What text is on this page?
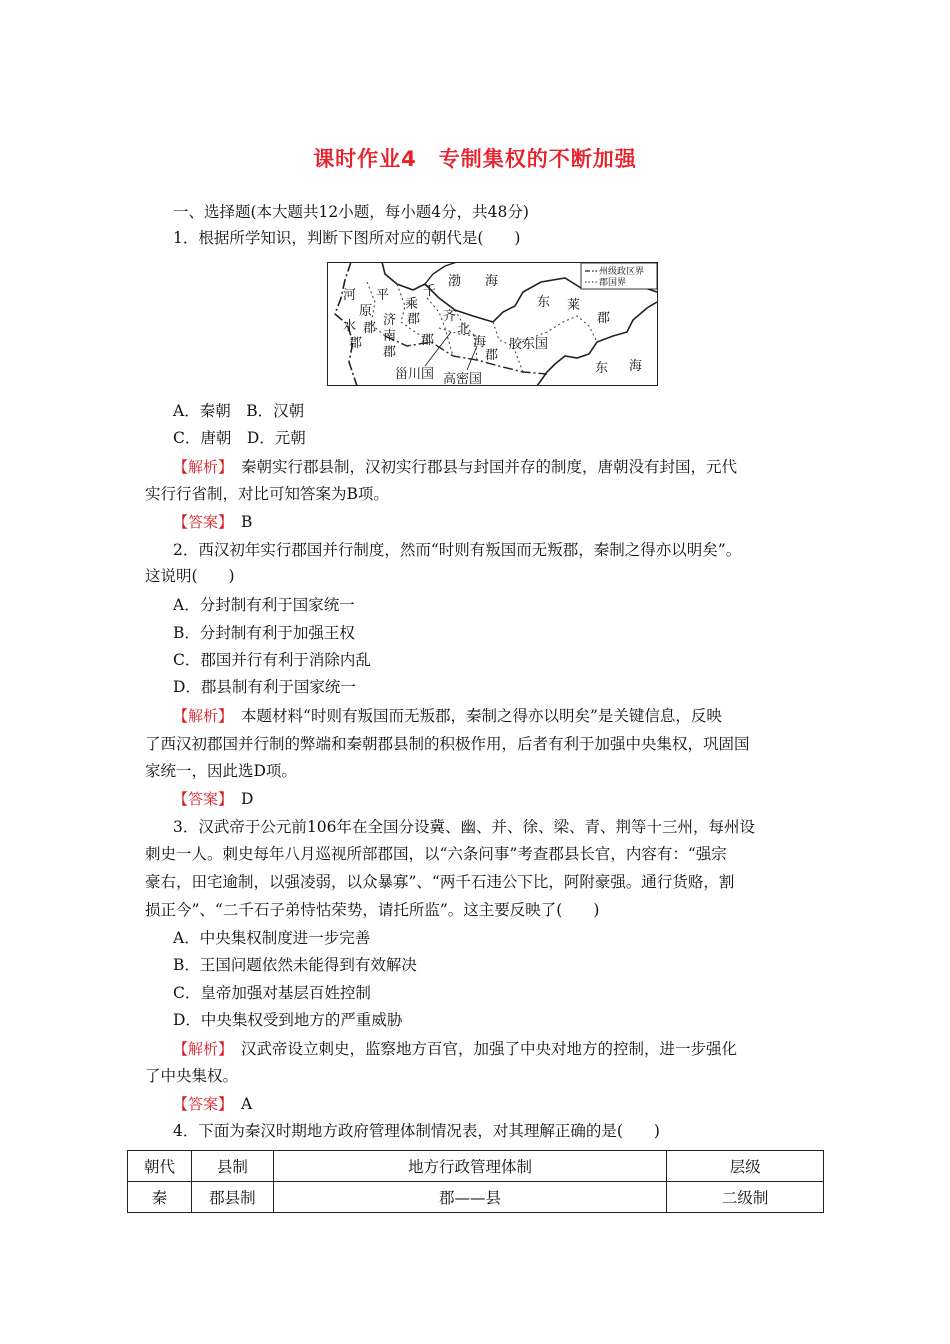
课时作业4　专制集权的不断加强
一、选择题(本大题共12小题，每小题4分，共48分)
1．根据所学知识，判断下图所对应的朝代是(　　)
州级政区界
郡国界
渤 海
河
水
郡
平
原
千
乘
郡
济
南
郡
郡
齐
郡
北
海
郡
胶东国
东 莱
郡
甾川国 高密国
东 海
A．秦朝　B．汉朝
C．唐朝　D．元朝
【解析】　秦朝实行郡县制，汉初实行郡县与封国并存的制度，唐朝没有封国，元代
实行行省制，对比可知答案为B项。
【答案】　B
2．西汉初年实行郡国并行制度，然而“时则有叛国而无叛郡，秦制之得亦以明矣”。
这说明(　　)
A．分封制有利于国家统一
B．分封制有利于加强王权
C．郡国并行有利于消除内乱
D．郡县制有利于国家统一
【解析】　本题材料“时则有叛国而无叛郡，秦制之得亦以明矣”是关键信息，反映
了西汉初郡国并行制的弊端和秦朝郡县制的积极作用，后者有利于加强中央集权，巩固国
家统一，因此选D项。
【答案】　D
3．汉武帝于公元前106年在全国分设冀、幽、并、徐、梁、青、荆等十三州，每州设
刺史一人。刺史每年八月巡视所部郡国，以“六条问事”考查郡县长官，内容有：“强宗
豪右，田宅逾制，以强凌弱，以众暴寡”、“两千石违公下比，阿附豪强。通行货赂，割
损正今”、“二千石子弟恃怙荣势，请托所监”。这主要反映了(　　)
A．中央集权制度进一步完善
B．王国问题依然未能得到有效解决
C．皇帝加强对基层百姓控制
D．中央集权受到地方的严重威胁
【解析】　汉武帝设立刺史，监察地方百官，加强了中央对地方的控制，进一步强化
了中央集权。
【答案】　A
4．下面为秦汉时期地方政府管理体制情况表，对其理解正确的是(　　)
朝代	县制	地方行政管理体制	层级
秦	郡县制	郡——县	二级制
